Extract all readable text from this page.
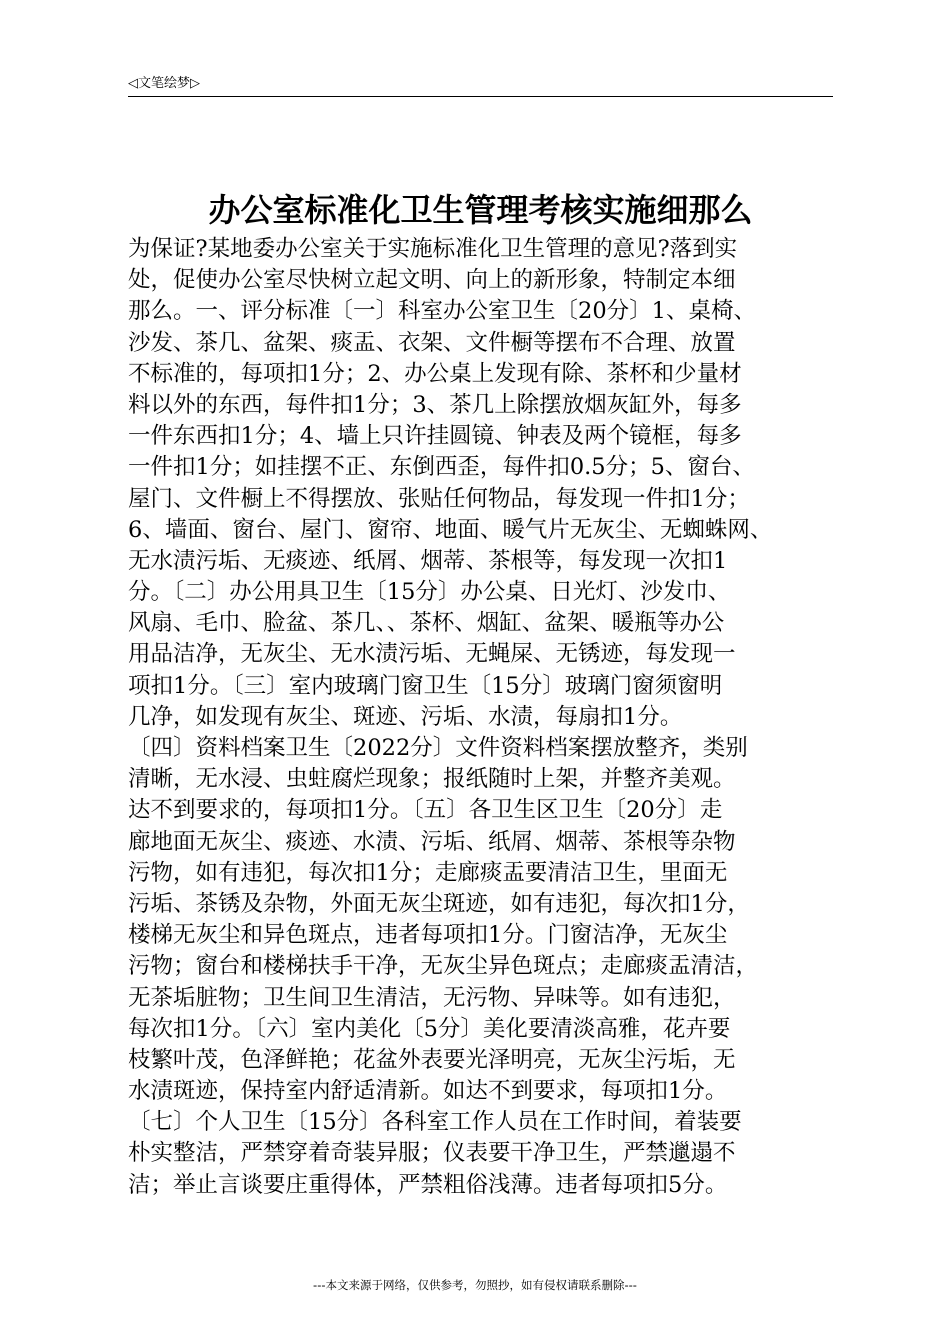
◁文笔绘梦▷
办公室标准化卫生管理考核实施细那么
为保证?某地委办公室关于实施标准化卫生管理的意见?落到实
处，促使办公室尽快树立起文明、向上的新形象，特制定本细
那么。一、评分标准〔一〕科室办公室卫生〔20分〕1、桌椅、
沙发、茶几、盆架、痰盂、衣架、文件橱等摆布不合理、放置
不标准的，每项扣1分；2、办公桌上发现有除、茶杯和少量材
料以外的东西，每件扣1分；3、茶几上除摆放烟灰缸外，每多
一件东西扣1分；4、墙上只许挂圆镜、钟表及两个镜框，每多
一件扣1分；如挂摆不正、东倒西歪，每件扣0.5分；5、窗台、
屋门、文件橱上不得摆放、张贴任何物品，每发现一件扣1分；
6、墙面、窗台、屋门、窗帘、地面、暖气片无灰尘、无蜘蛛网、
无水渍污垢、无痰迹、纸屑、烟蒂、茶根等，每发现一次扣1
分。〔二〕办公用具卫生〔15分〕办公桌、日光灯、沙发巾、
风扇、毛巾、脸盆、茶几、、茶杯、烟缸、盆架、暖瓶等办公
用品洁净，无灰尘、无水渍污垢、无蝇屎、无锈迹，每发现一
项扣1分。〔三〕室内玻璃门窗卫生〔15分〕玻璃门窗须窗明
几净，如发现有灰尘、斑迹、污垢、水渍，每扇扣1分。
〔四〕资料档案卫生〔2022分〕文件资料档案摆放整齐，类别
清晰，无水浸、虫蛀腐烂现象；报纸随时上架，并整齐美观。
达不到要求的，每项扣1分。〔五〕各卫生区卫生〔20分〕走
廊地面无灰尘、痰迹、水渍、污垢、纸屑、烟蒂、茶根等杂物
污物，如有违犯，每次扣1分；走廊痰盂要清洁卫生，里面无
污垢、茶锈及杂物，外面无灰尘斑迹，如有违犯，每次扣1分，
楼梯无灰尘和异色斑点，违者每项扣1分。门窗洁净，无灰尘
污物；窗台和楼梯扶手干净，无灰尘异色斑点；走廊痰盂清洁，
无茶垢脏物；卫生间卫生清洁，无污物、异味等。如有违犯，
每次扣1分。〔六〕室内美化〔5分〕美化要清淡高雅，花卉要
枝繁叶茂，色泽鲜艳；花盆外表要光泽明亮，无灰尘污垢，无
水渍斑迹，保持室内舒适清新。如达不到要求，每项扣1分。
〔七〕个人卫生〔15分〕各科室工作人员在工作时间，着装要
朴实整洁，严禁穿着奇装异服；仪表要干净卫生，严禁邋遢不
洁；举止言谈要庄重得体，严禁粗俗浅薄。违者每项扣5分。
---本文来源于网络，仅供参考，勿照抄，如有侵权请联系删除---
